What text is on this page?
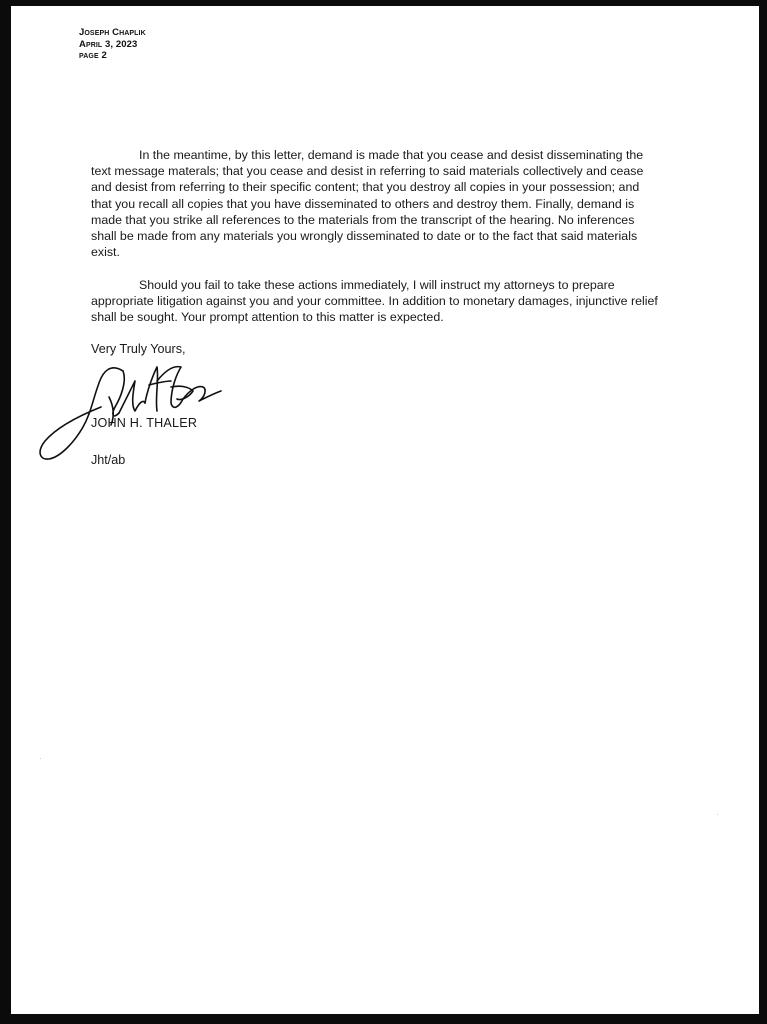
Joseph Chaplik
April 3, 2023
page 2

In the meantime, by this letter, demand is made that you cease and desist disseminating the text message materals; that you cease and desist in referring to said materials collectively and cease and desist from referring to their specific content; that you destroy all copies in your possession; and that you recall all copies that you have disseminated to others and destroy them. Finally, demand is made that you strike all references to the materials from the transcript of the hearing. No inferences shall be made from any materials you wrongly disseminated to date or to the fact that said materials exist.

Should you fail to take these actions immediately, I will instruct my attorneys to prepare appropriate litigation against you and your committee. In addition to monetary damages, injunctive relief shall be sought. Your prompt attention to this matter is expected.

Very Truly Yours,
JOHN H. THALER
Jht/ab
